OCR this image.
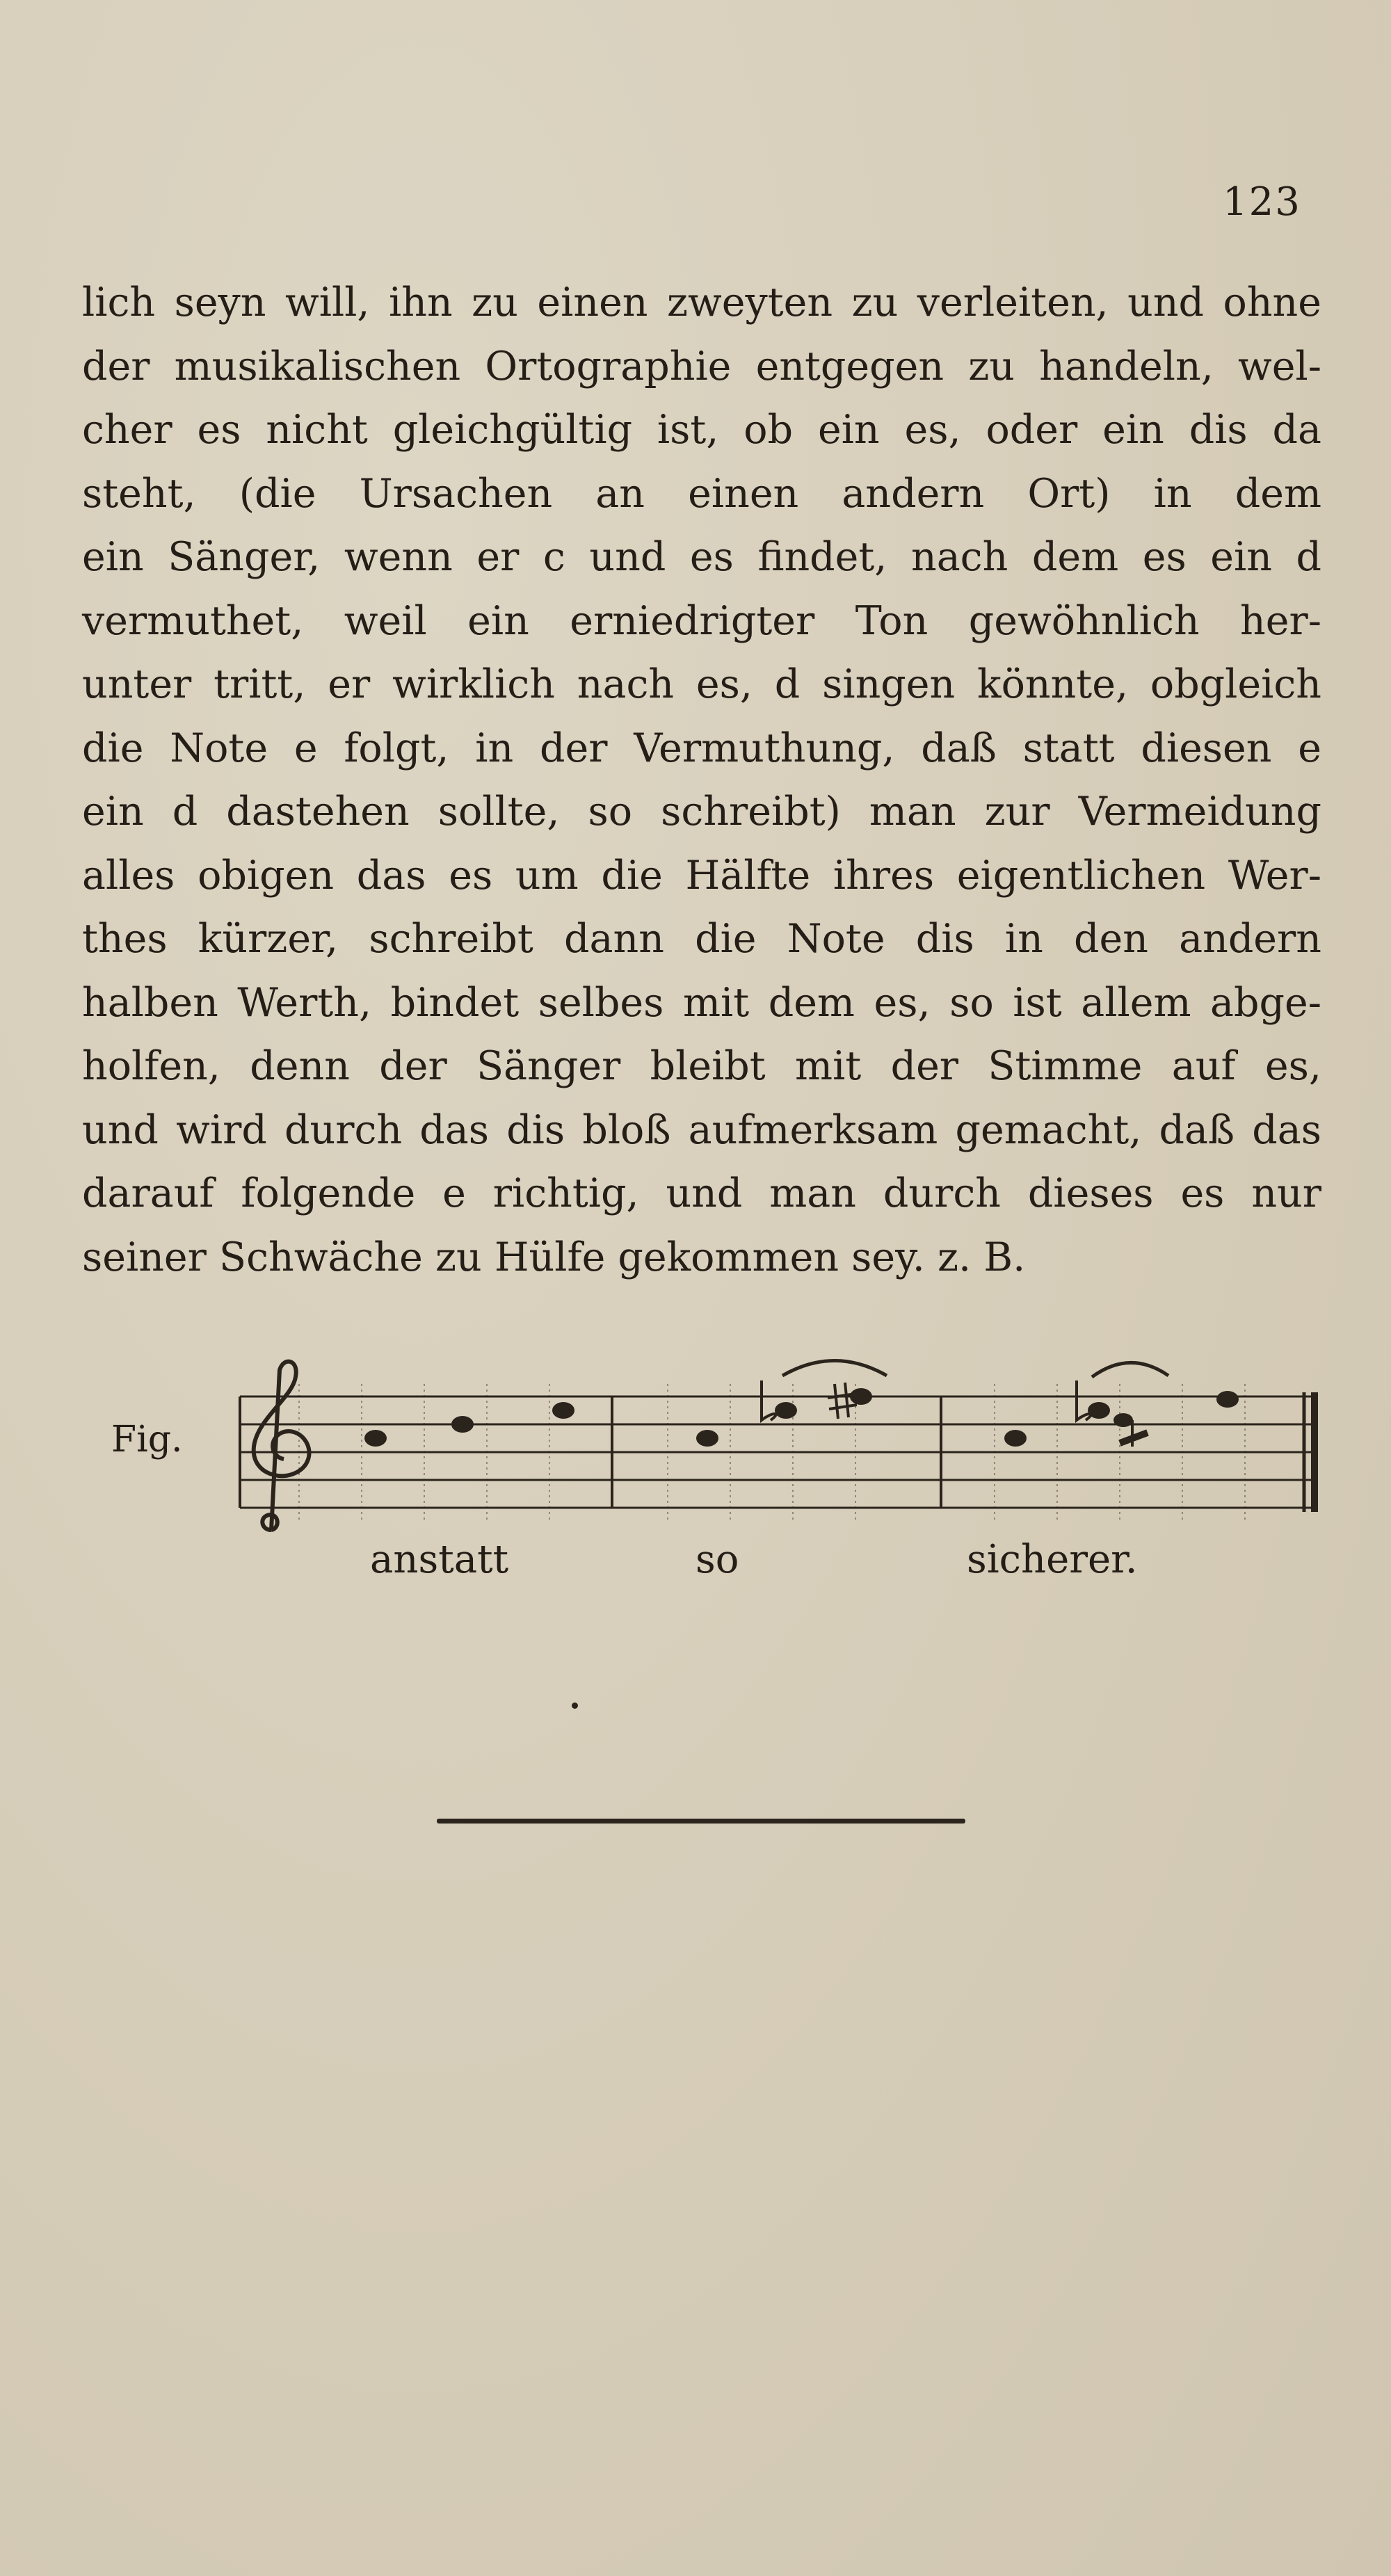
123

lich seyn will, ihn zu einen zweyten zu verleiten, und ohne
der musikalischen Ortographie entgegen zu handeln, wel-
cher es nicht gleichgültig ist, ob ein es, oder ein dis da
steht, (die Ursachen an einen andern Ort) in dem
ein Sänger, wenn er c und es findet, nach dem es ein d
vermuthet, weil ein erniedrigter Ton gewöhnlich her-
unter tritt, er wirklich nach es, d singen könnte, obgleich
die Note e folgt, in der Vermuthung, daß statt diesen e
ein d dastehen sollte, so schreibt) man zur Vermeidung
alles obigen das es um die Hälfte ihres eigentlichen Wer-
thes kürzer, schreibt dann die Note dis in den andern
halben Werth, bindet selbes mit dem es, so ist allem abge-
holfen, denn der Sänger bleibt mit der Stimme auf es,
und wird durch das dis bloß aufmerksam gemacht, daß das
darauf folgende e richtig, und man durch dieses es nur
seiner Schwäche zu Hülfe gekommen sey. z. B.

Fig.
anstatt	so	sicherer.
